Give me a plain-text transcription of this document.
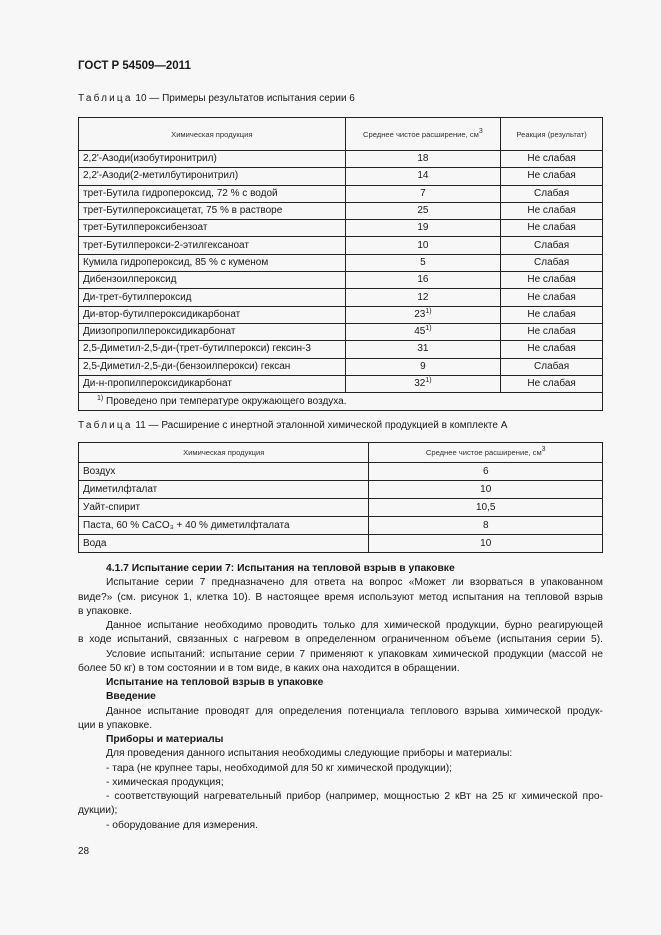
ГОСТ Р 54509—2011
Таблица 10 — Примеры результатов испытания серии 6
Химическая продукция	Среднее чистое расширение, $см^3$	Реакция (результат)
2,2'-Азоди(изобутиронитрил)	18	Не слабая
2,2'-Азоди(2-метилбутиронитрил)	14	Не слабая
трет-Бутила гидропероксид, 72 % с водой	7	Слабая
трет-Бутилпероксиацетат, 75 % в растворе	25	Не слабая
трет-Бутилпероксибензоат	19	Не слабая
трет-Бутилперокси-2-этилгексаноат	10	Слабая
Кумила гидропероксид, 85 % с куменом	5	Слабая
Дибензоилпероксид	16	Не слабая
Ди-трет-бутилпероксид	12	Не слабая
Ди-втор-бутилпероксидикарбонат	23$^{1)}$	Не слабая
Диизопропилпероксидикарбонат	45$^{1)}$	Не слабая
2,5-Диметил-2,5-ди-(трет-бутилперокси) гексин-3	31	Не слабая
2,5-Диметил-2,5-ди-(бензоилперокси) гексан	9	Слабая
Ди-н-пропилпероксидикарбонат	32$^{1)}$	Не слабая
$^{1)}$ Проведено при температуре окружающего воздуха.		
Таблица 11 — Расширение с инертной эталонной химической продукцией в комплекте А
Химическая продукция	Среднее чистое расширение, $см^3$
Воздух	6
Диметилфталат	10
Уайт-спирит	10,5
Паста, 60 % CaCO₃ + 40 % диметилфталата	8
Вода	10
4.1.7 Испытание серии 7: Испытания на тепловой взрыв в упаковке
Испытание серии 7 предназначено для ответа на вопрос «Может ли взорваться в упакованном
виде?» (см. рисунок 1, клетка 10). В настоящее время используют метод испытания на тепловой взрыв
в упаковке.
Данное испытание необходимо проводить только для химической продукции, бурно реагирующей
в ходе испытаний, связанных с нагревом в определенном ограниченном объеме (испытания серии 5).
Условие испытаний: испытание серии 7 применяют к упаковкам химической продукции (массой не
более 50 кг) в том состоянии и в том виде, в каких она находится в обращении.
Испытание на тепловой взрыв в упаковке
Введение
Данное испытание проводят для определения потенциала теплового взрыва химической продук-
ции в упаковке.
Приборы и материалы
Для проведения данного испытания необходимы следующие приборы и материалы:
- тара (не крупнее тары, необходимой для 50 кг химической продукции);
- химическая продукция;
- соответствующий нагревательный прибор (например, мощностью 2 кВт на 25 кг химической про-
дукции);
- оборудование для измерения.
28
